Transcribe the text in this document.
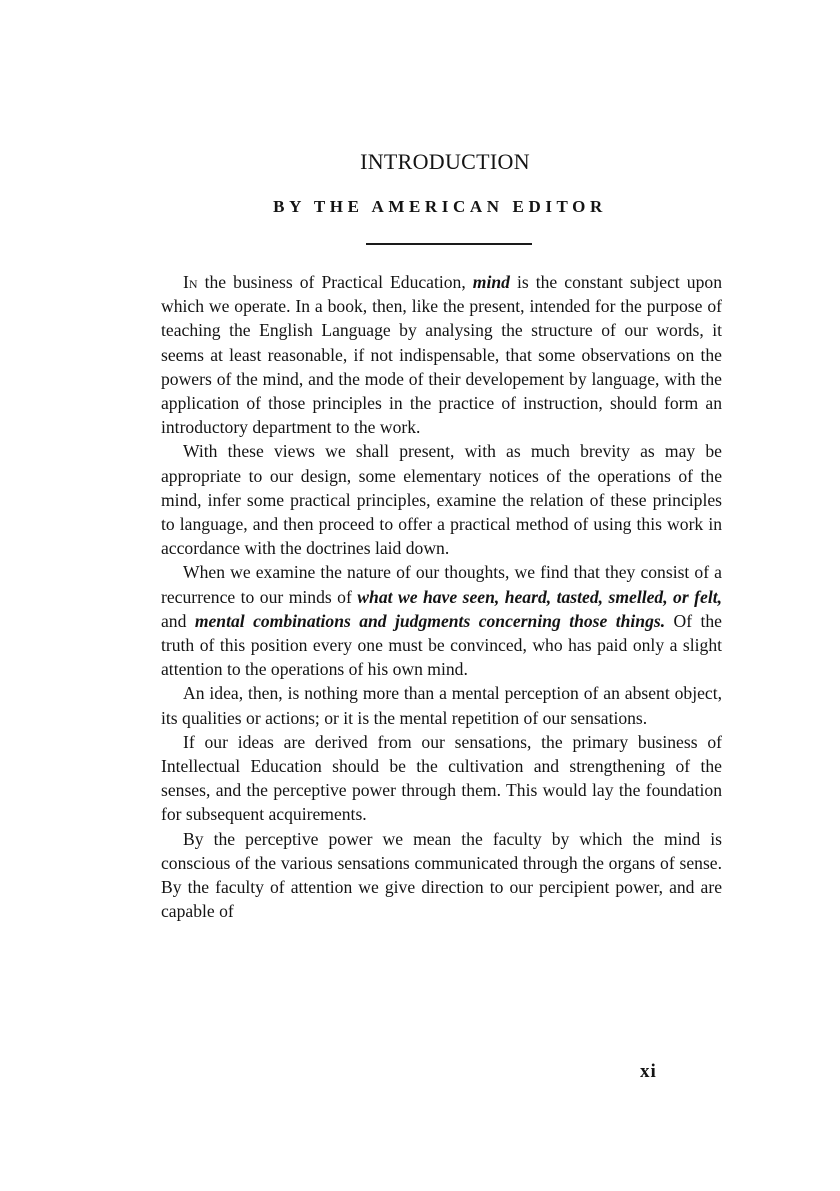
INTRODUCTION
BY THE AMERICAN EDITOR

In the business of Practical Education, mind is the constant subject upon which we operate. In a book, then, like the present, intended for the purpose of teaching the English Language by analysing the structure of our words, it seems at least reasonable, if not indispensable, that some observations on the powers of the mind, and the mode of their developement by language, with the application of those principles in the practice of instruction, should form an introductory department to the work.

With these views we shall present, with as much brevity as may be appropriate to our design, some elementary notices of the operations of the mind, infer some practical principles, examine the relation of these principles to language, and then proceed to offer a practical method of using this work in accordance with the doctrines laid down.

When we examine the nature of our thoughts, we find that they consist of a recurrence to our minds of what we have seen, heard, tasted, smelled, or felt, and mental combinations and judgments concerning those things. Of the truth of this position every one must be convinced, who has paid only a slight attention to the operations of his own mind.

An idea, then, is nothing more than a mental perception of an absent object, its qualities or actions; or it is the mental repetition of our sensations.

If our ideas are derived from our sensations, the primary business of Intellectual Education should be the cultivation and strengthening of the senses, and the perceptive power through them. This would lay the foundation for subsequent acquirements.

By the perceptive power we mean the faculty by which the mind is conscious of the various sensations communicated through the organs of sense. By the faculty of attention we give direction to our percipient power, and are capable of

xi
